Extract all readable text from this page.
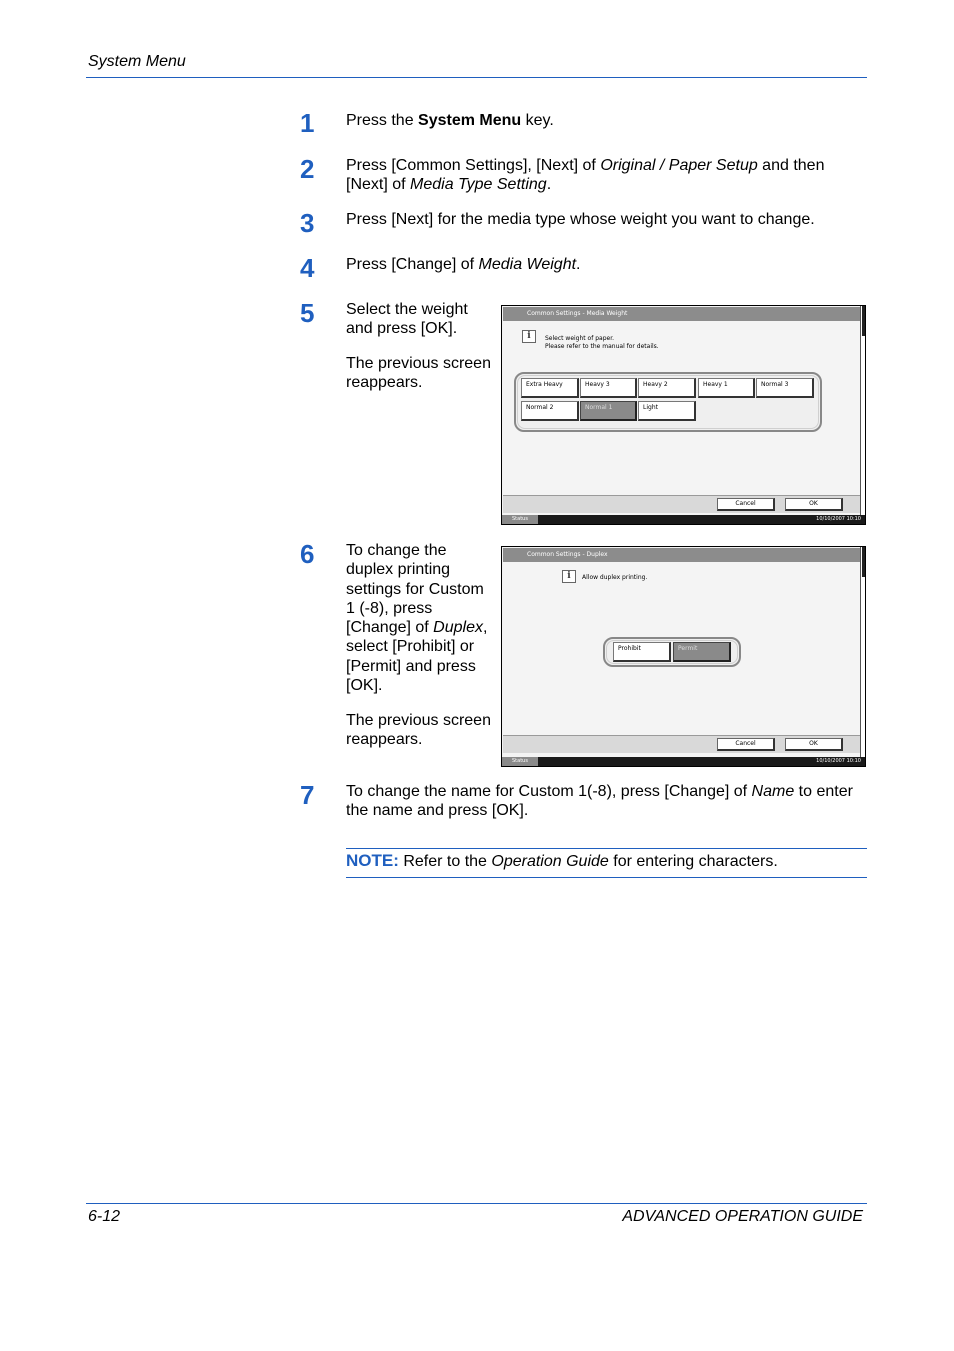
System Menu
1 Press the System Menu key.
2 Press [Common Settings], [Next] of Original / Paper Setup and then [Next] of Media Type Setting.
3 Press [Next] for the media type whose weight you want to change.
4 Press [Change] of Media Weight.
5 Select the weight and press [OK].
The previous screen reappears.
Common Settings - Media Weight
i	Select weight of paper.
Please refer to the manual for details.
Extra Heavy	Heavy 3	Heavy 2	Heavy 1	Normal 3
Normal 2	Normal 1	Light
Cancel	OK
Status	10/10/2007 10:10
6 To change the duplex printing settings for Custom 1 (-8), press [Change] of Duplex, select [Prohibit] or [Permit] and press [OK].
The previous screen reappears.
Common Settings - Duplex
i	Allow duplex printing.
Prohibit	Permit
Cancel	OK
Status	10/10/2007 10:10
7 To change the name for Custom 1(-8), press [Change] of Name to enter the name and press [OK].
NOTE: Refer to the Operation Guide for entering characters.
6-12	ADVANCED OPERATION GUIDE
